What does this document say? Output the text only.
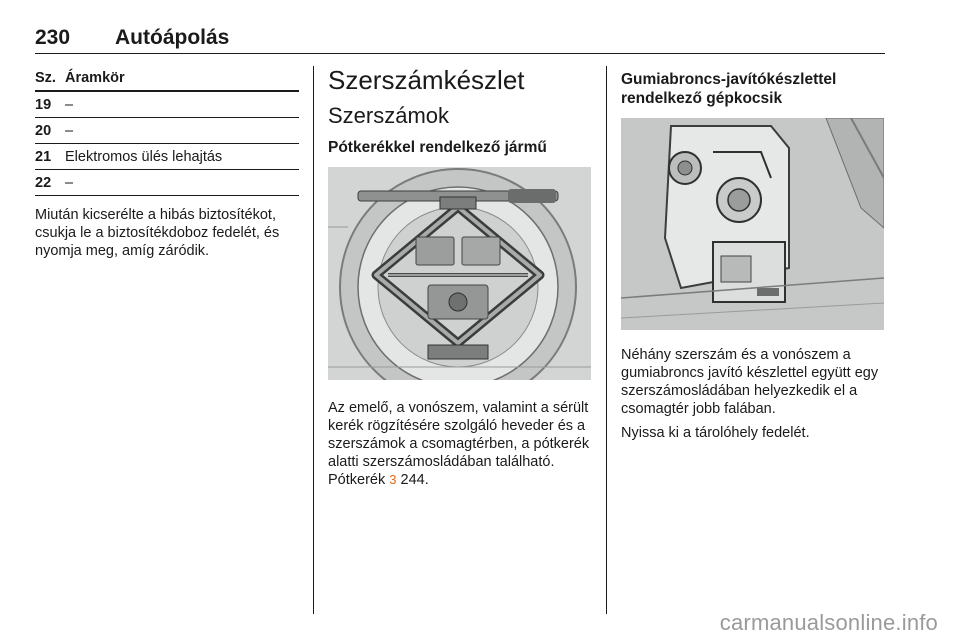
230 Autóápolás
Sz. Áramkör
19 –
20 –
21 Elektromos ülés lehajtás
22 –

Miután kicserélte a hibás biztosítékot, csukja le a biztosítékdoboz fedelét, és nyomja meg, amíg záródik.

Szerszámkészlet
Szerszámok
Pótkerékkel rendelkező jármű

Az emelő, a vonószem, valamint a sérült kerék rögzítésére szolgáló heveder és a szerszámok a csomagtérben, a pótkerék alatti szerszámosládában található.
Pótkerék 3 244.

Gumiabroncs-javítókészlettel rendelkező gépkocsik

Néhány szerszám és a vonószem a gumiabroncs javító készlettel együtt egy szerszámosládában helyezkedik el a csomagtér jobb falában.

Nyissa ki a tárolóhely fedelét.

carmanualsonline.info
